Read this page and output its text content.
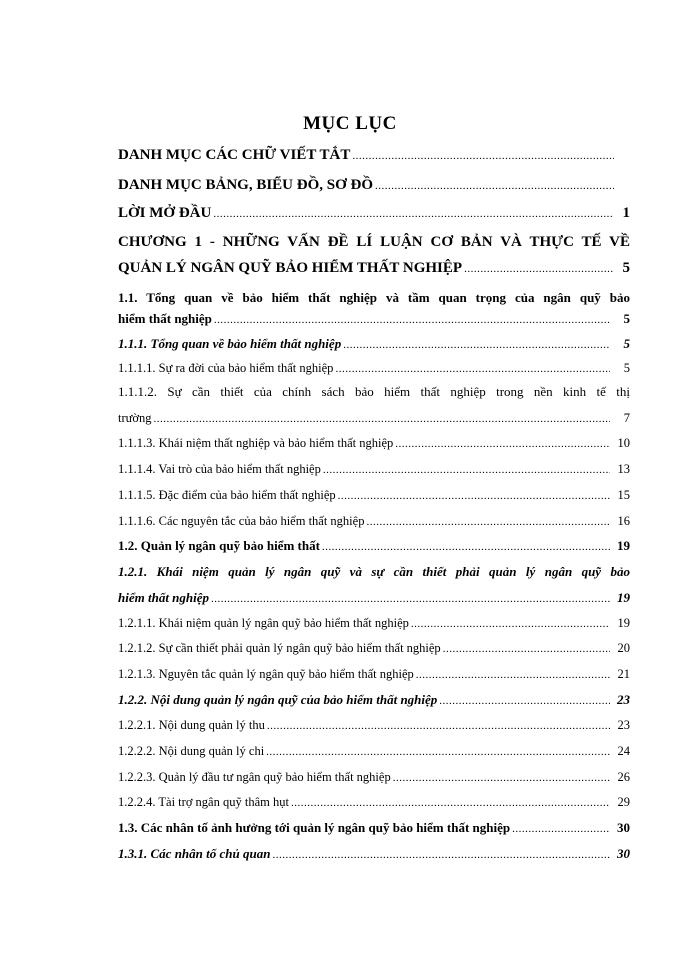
MỤC LỤC
DANH MỤC CÁC CHỮ VIẾT TẮT
.....
DANH MỤC BẢNG, BIỂU ĐỒ, SƠ ĐỒ
.....
LỜI MỞ ĐẦU .....	1
CHƯƠNG 1 - NHỮNG VẤN ĐỀ LÍ LUẬN CƠ BẢN VÀ THỰC TẾ VỀ
QUẢN LÝ NGÂN QUỸ BẢO HIỂM THẤT NGHIỆP .....	5
1.1. Tổng quan về bảo hiểm thất nghiệp và tầm quan trọng của ngân quỹ bảo
hiểm thất nghiệp .....	5
1.1.1. Tổng quan về bảo hiểm thất nghiệp .....	5
1.1.1.1. Sự ra đời của bảo hiểm thất nghiệp .....	5
1.1.1.2. Sự cần thiết của chính sách bảo hiểm thất nghiệp trong nền kinh tế thị
trường .....	7
1.1.1.3. Khái niệm thất nghiệp và bảo hiểm thất nghiệp .....	10
1.1.1.4. Vai trò của bảo hiểm thất nghiệp .....	13
1.1.1.5. Đặc điểm của bảo hiểm thất nghiệp .....	15
1.1.1.6. Các nguyên tắc của bảo hiểm thất nghiệp .....	16
1.2. Quản lý ngân quỹ bảo hiểm thất .....	19
1.2.1. Khái niệm quản lý ngân quỹ và sự cần thiết phải quản lý ngân quỹ bảo
hiểm thất nghiệp .....	19
1.2.1.1. Khái niệm quản lý ngân quỹ bảo hiểm thất nghiệp .....	19
1.2.1.2. Sự cần thiết phải quản lý ngân quỹ bảo hiểm thất nghiệp .....	20
1.2.1.3. Nguyên tắc quản lý ngân quỹ bảo hiểm thất nghiệp .....	21
1.2.2. Nội dung quản lý ngân quỹ của bảo hiểm thất nghiệp .....	23
1.2.2.1. Nội dung quản lý thu .....	23
1.2.2.2. Nội dung quản lý chi .....	24
1.2.2.3. Quản lý đầu tư ngân quỹ bảo hiểm thất nghiệp .....	26
1.2.2.4. Tài trợ ngân quỹ thâm hụt .....	29
1.3. Các nhân tố ảnh hưởng tới quản lý ngân quỹ bảo hiểm thất nghiệp .....	30
1.3.1. Các nhân tố chủ quan .....	30
